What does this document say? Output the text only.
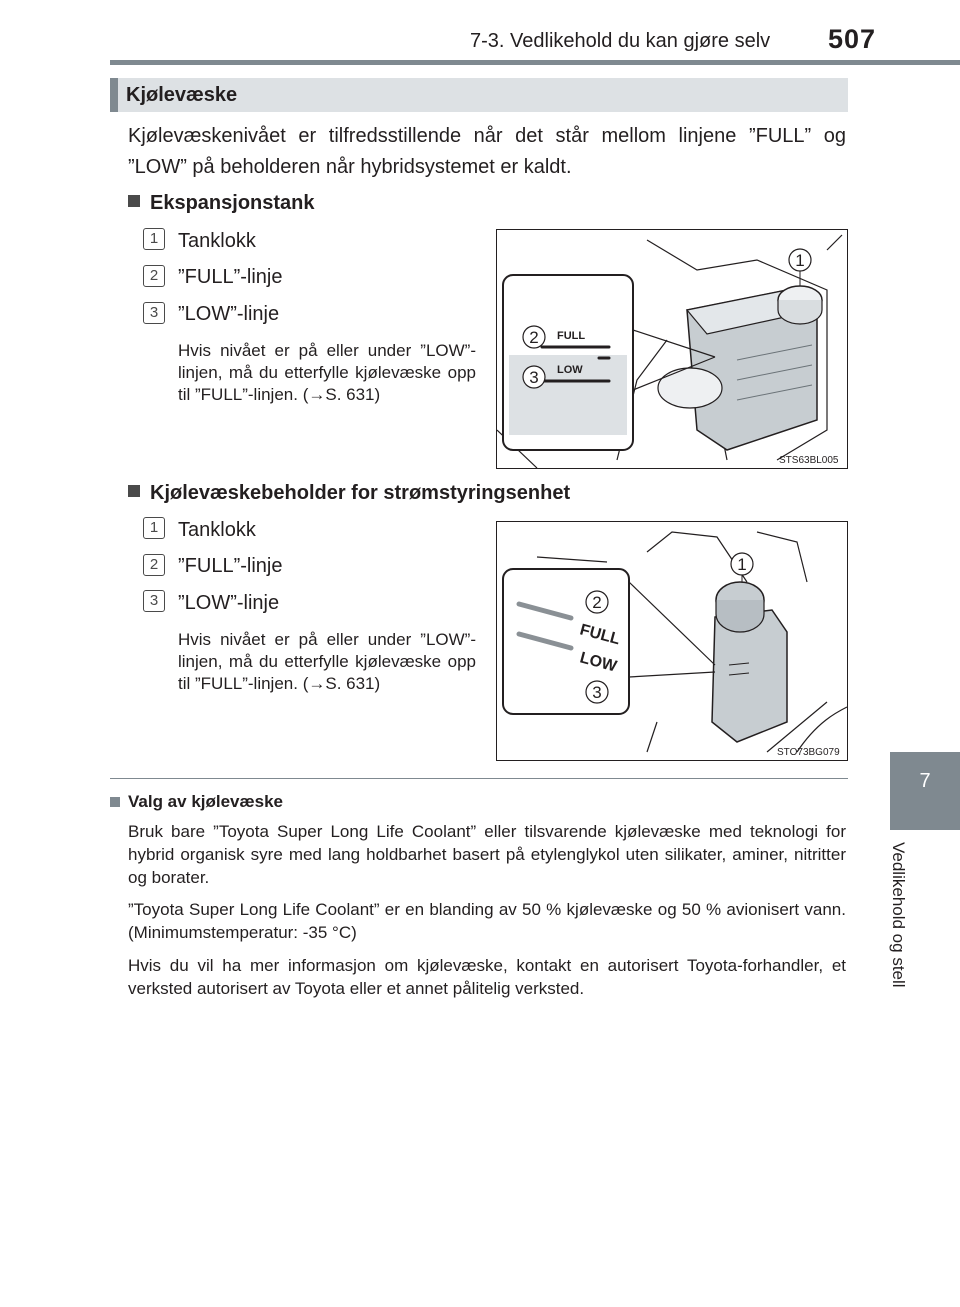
7-3. Vedlikehold du kan gjøre selv 507
7
Vedlikehold og stell
Kjølevæske
Kjølevæskenivået er tilfredsstillende når det står mellom linjene ”FULL” og ”LOW” på beholderen når hybridsystemet er kaldt.
Ekspansjonstank
1 Tanklokk
2 ”FULL”-linje
3 ”LOW”-linje
Hvis nivået er på eller under ”LOW”-linjen, må du etterfylle kjølevæske opp til ”FULL”-linjen. (→S. 631)
FULL
LOW
1
2
3
STS63BL005
Kjølevæskebeholder for strømstyringsenhet
1 Tanklokk
2 ”FULL”-linje
3 ”LOW”-linje
Hvis nivået er på eller under ”LOW”-linjen, må du etterfylle kjølevæske opp til ”FULL”-linjen. (→S. 631)
FULL
LOW
1
2
3
STO73BG079
Valg av kjølevæske
Bruk bare ”Toyota Super Long Life Coolant” eller tilsvarende kjølevæske med teknologi for hybrid organisk syre med lang holdbarhet basert på etylenglykol uten silikater, aminer, nitritter og borater.
”Toyota Super Long Life Coolant” er en blanding av 50 % kjølevæske og 50 % avionisert vann. (Minimumstemperatur: -35 °C)
Hvis du vil ha mer informasjon om kjølevæske, kontakt en autorisert Toyota-forhandler, et verksted autorisert av Toyota eller et annet pålitelig verksted.
